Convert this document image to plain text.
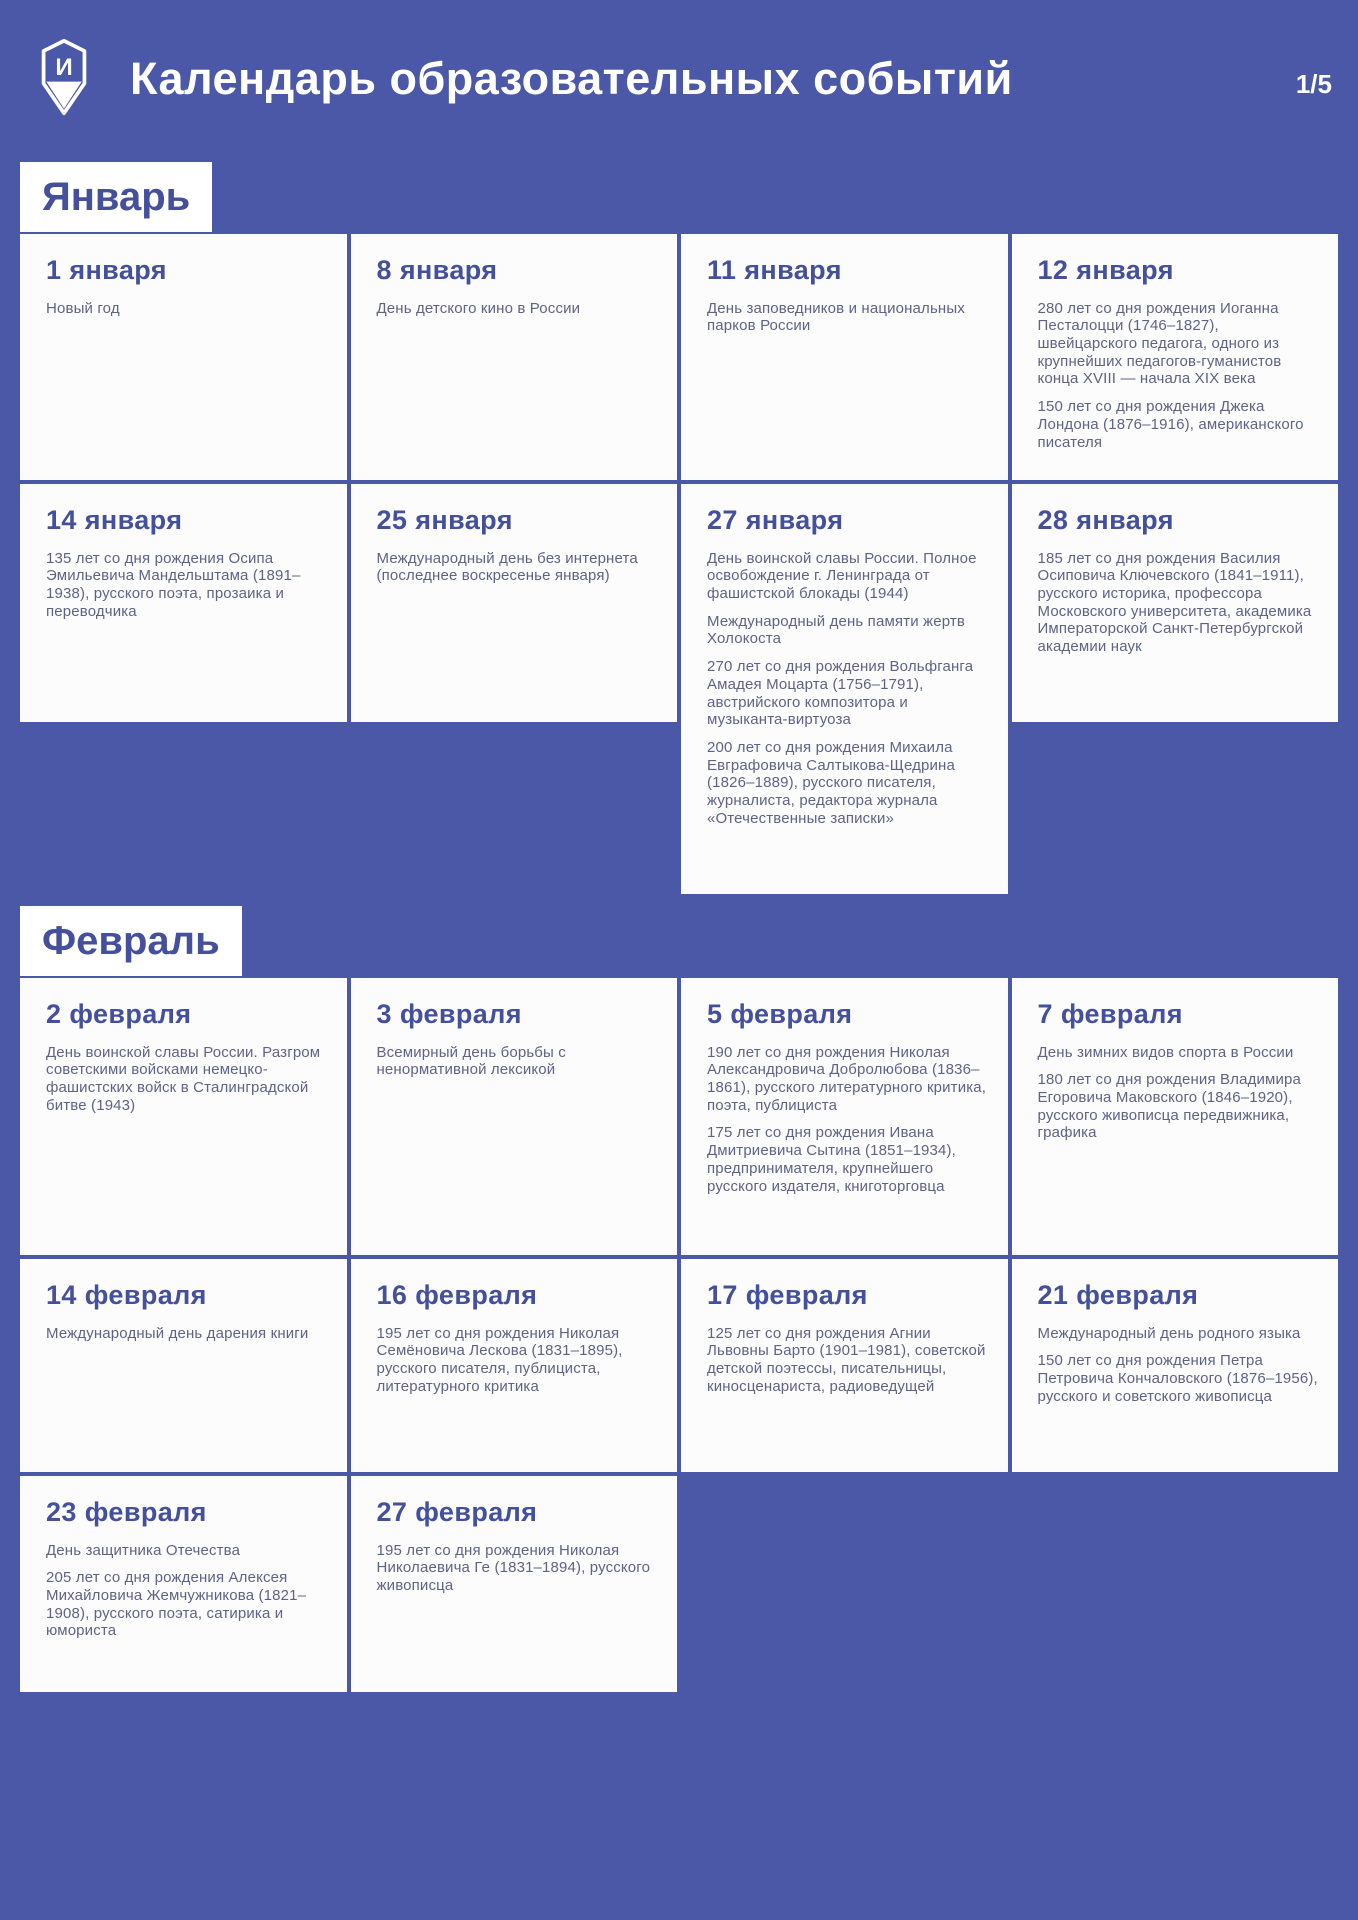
И Календарь образовательных событий	1/5
Январь
1 января

Новый год

8 января

День детского кино в России

11 января

День заповедников и национальных парков России

12 января

280 лет со дня рождения Иоганна Песталоцци (1746–1827), швейцарского педагога, одного из крупнейших педагогов-гуманистов конца XVIII — начала XIX века

150 лет со дня рождения Джека Лондона (1876–1916), американского писателя

14 января

135 лет со дня рождения Осипа Эмильевича Мандельштама (1891–1938), русского поэта, прозаика и переводчика

25 января

Международный день без интернета (последнее воскресенье января)

27 января

День воинской славы России. Полное освобождение г. Ленинграда от фашистской блокады (1944)

Международный день памяти жертв Холокоста

270 лет со дня рождения Вольфганга Амадея Моцарта (1756–1791), австрийского композитора и музыканта-виртуоза

200 лет со дня рождения Михаила Евграфовича Салтыкова-Щедрина (1826–1889), русского писателя, журналиста, редактора журнала «Отечественные записки»

28 января

185 лет со дня рождения Василия Осиповича Ключевского (1841–1911), русского историка, профессора Московского университета, академика Императорской Санкт-Петербургской академии наук

Февраль
2 февраля

День воинской славы России. Разгром советскими войсками немецко-фашистских войск в Сталинградской битве (1943)

3 февраля

Всемирный день борьбы с ненормативной лексикой

5 февраля

190 лет со дня рождения Николая Александровича Добролюбова (1836–1861), русского литературного критика, поэта, публициста

175 лет со дня рождения Ивана Дмитриевича Сытина (1851–1934), предпринимателя, крупнейшего русского издателя, книготорговца

7 февраля

День зимних видов спорта в России

180 лет со дня рождения Владимира Егоровича Маковского (1846–1920), русского живописца передвижника, графика

14 февраля

Международный день дарения книги

16 февраля

195 лет со дня рождения Николая Семёновича Лескова (1831–1895), русского писателя, публициста, литературного критика

17 февраля

125 лет со дня рождения Агнии Львовны Барто (1901–1981), советской детской поэтессы, писательницы, киносценариста, радиоведущей

21 февраля

Международный день родного языка

150 лет со дня рождения Петра Петровича Кончаловского (1876–1956), русского и советского живописца

23 февраля

День защитника Отечества

205 лет со дня рождения Алексея Михайловича Жемчужникова (1821–1908), русского поэта, сатирика и юмориста

27 февраля

195 лет со дня рождения Николая Николаевича Ге (1831–1894), русского живописца
